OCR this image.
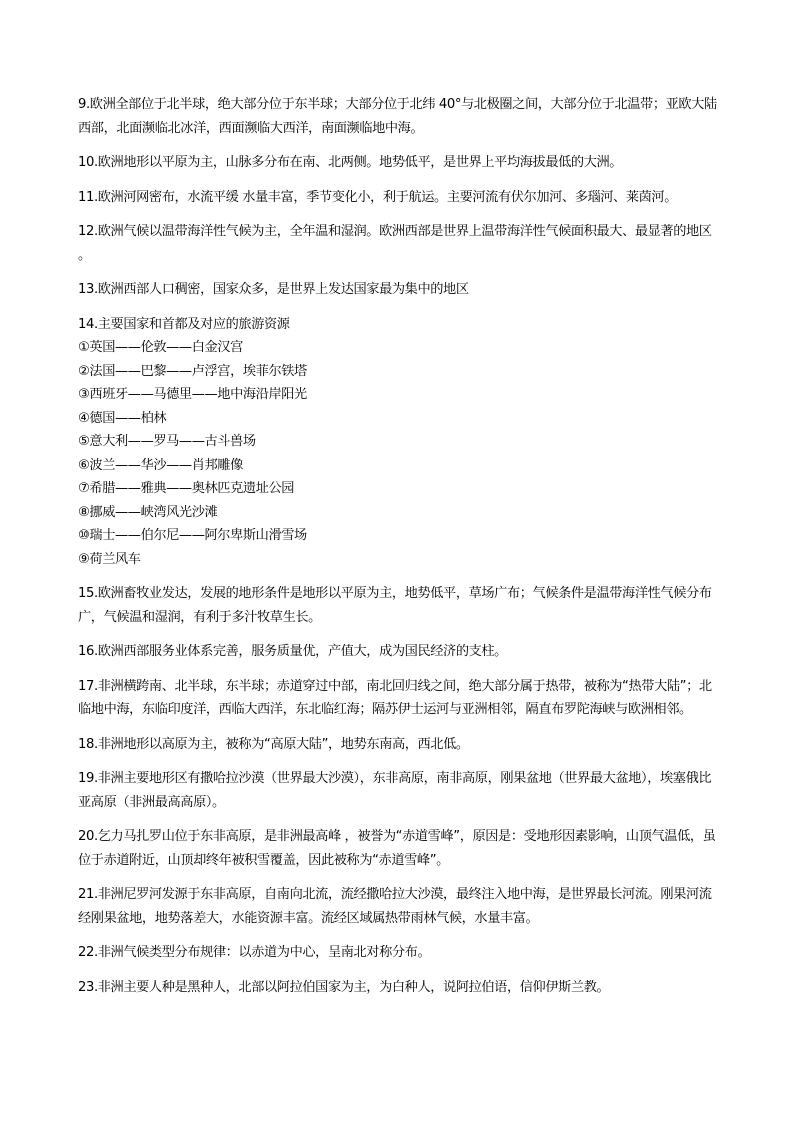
9.欧洲全部位于北半球，绝大部分位于东半球；大部分位于北纬 40°与北极圈之间，大部分位于北温带；亚欧大陆西部，北面濒临北冰洋，西面濒临大西洋，南面濒临地中海。

10.欧洲地形以平原为主，山脉多分布在南、北两侧。地势低平，是世界上平均海拔最低的大洲。

11.欧洲河网密布，水流平缓 水量丰富，季节变化小，利于航运。主要河流有伏尔加河、多瑙河、莱茵河。

12.欧洲气候以温带海洋性气候为主，全年温和湿润。欧洲西部是世界上温带海洋性气候面积最大、最显著的地区 。

13.欧洲西部人口稠密，国家众多，是世界上发达国家最为集中的地区

14.主要国家和首都及对应的旅游资源

①英国——伦敦——白金汉宫
②法国——巴黎——卢浮宫，埃菲尔铁塔
③西班牙——马德里——地中海沿岸阳光
④德国——柏林
⑤意大利——罗马——古斗兽场
⑥波兰——华沙——肖邦雕像
⑦希腊——雅典——奥林匹克遗址公园
⑧挪威——峡湾风光沙滩
⑩瑞士——伯尔尼——阿尔卑斯山滑雪场
⑨荷兰风车

15.欧洲畜牧业发达，发展的地形条件是地形以平原为主，地势低平，草场广布；气候条件是温带海洋性气候分布广，气候温和湿润，有利于多汁牧草生长。

16.欧洲西部服务业体系完善，服务质量优，产值大，成为国民经济的支柱。

17.非洲横跨南、北半球，东半球；赤道穿过中部，南北回归线之间，绝大部分属于热带，被称为“热带大陆”；北临地中海，东临印度洋，西临大西洋，东北临红海；隔苏伊士运河与亚洲相邻，隔直布罗陀海峡与欧洲相邻。

18.非洲地形以高原为主，被称为“高原大陆”，地势东南高，西北低。

19.非洲主要地形区有撒哈拉沙漠（世界最大沙漠），东非高原，南非高原，刚果盆地（世界最大盆地），埃塞俄比亚高原（非洲最高高原）。

20.乞力马扎罗山位于东非高原，是非洲最高峰 ，被誉为“赤道雪峰”，原因是：受地形因素影响，山顶气温低，虽位于赤道附近，山顶却终年被积雪覆盖，因此被称为“赤道雪峰”。

21.非洲尼罗河发源于东非高原，自南向北流，流经撒哈拉大沙漠，最终注入地中海，是世界最长河流。刚果河流经刚果盆地，地势落差大，水能资源丰富。流经区域属热带雨林气候，水量丰富。

22.非洲气候类型分布规律：以赤道为中心，呈南北对称分布。

23.非洲主要人种是黑种人，北部以阿拉伯国家为主，为白种人，说阿拉伯语，信仰伊斯兰教。
